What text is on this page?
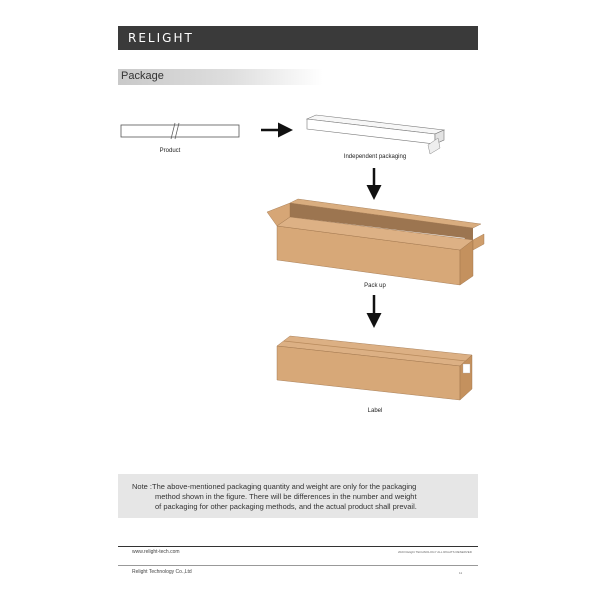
RELIGHT
Package
Product
Independent packaging
Pack up
Label
Note :The above-mentioned packaging quantity and weight are only for the packaging
method shown in the figure. There will be differences in the number and weight
of packaging for other packaging methods, and the actual product shall prevail.
www.relight-tech.com	2023 Relight TECHNOLOGY ALL RIGHTS RESERVED
Relight Technology Co.,Ltd	11
